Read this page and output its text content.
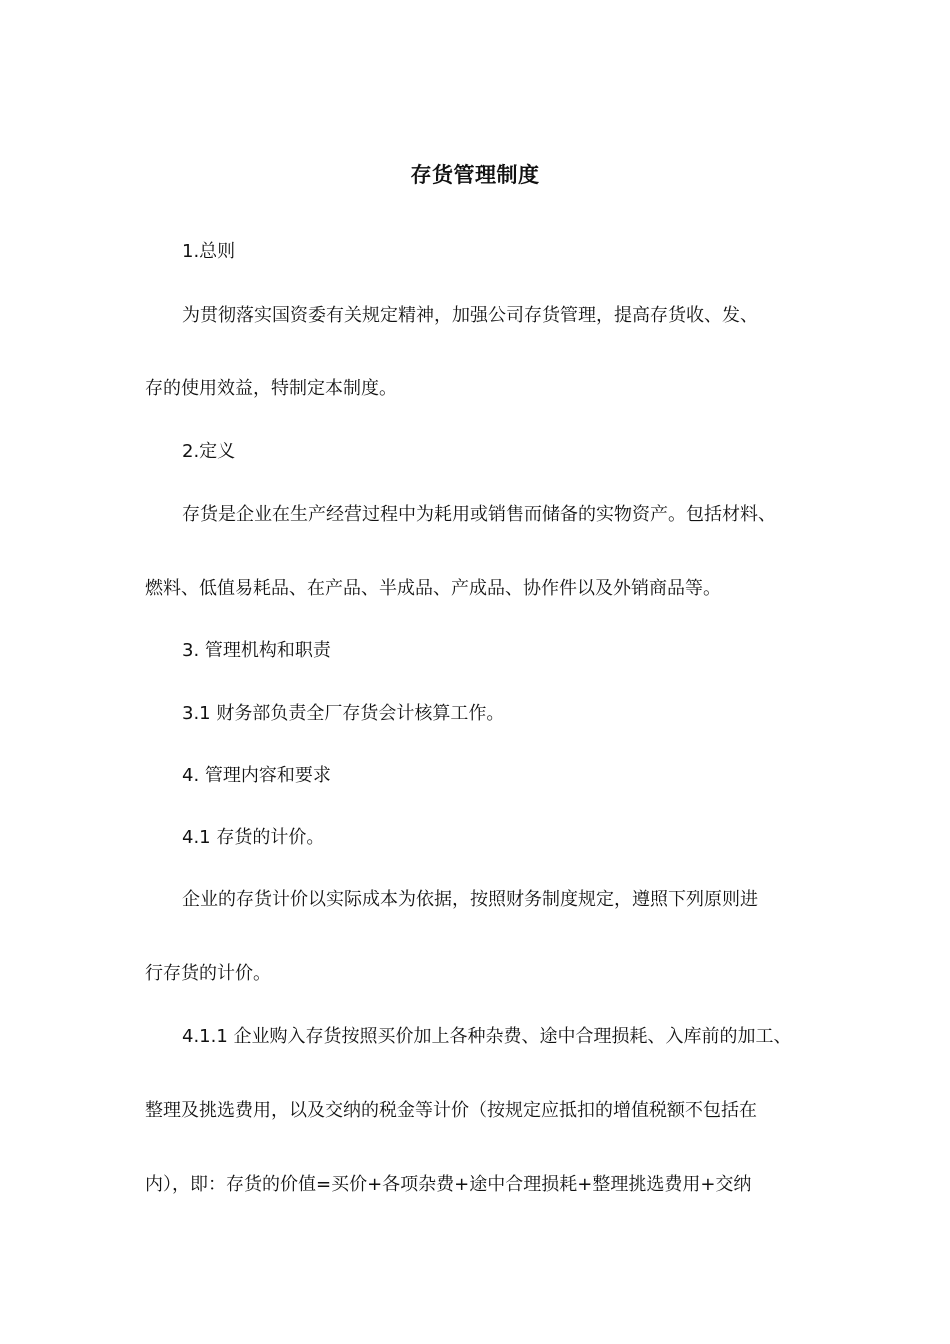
存货管理制度
1.总则
为贯彻落实国资委有关规定精神，加强公司存货管理，提高存货收、发、
存的使用效益，特制定本制度。
2.定义
存货是企业在生产经营过程中为耗用或销售而储备的实物资产。包括材料、
燃料、低值易耗品、在产品、半成品、产成品、协作件以及外销商品等。
3. 管理机构和职责
3.1 财务部负责全厂存货会计核算工作。
4. 管理内容和要求
4.1 存货的计价。
企业的存货计价以实际成本为依据，按照财务制度规定，遵照下列原则进
行存货的计价。
4.1.1 企业购入存货按照买价加上各种杂费、途中合理损耗、入库前的加工、
整理及挑选费用，以及交纳的税金等计价（按规定应抵扣的增值税额不包括在
内），即：存货的价值=买价+各项杂费+途中合理损耗+整理挑选费用+交纳
